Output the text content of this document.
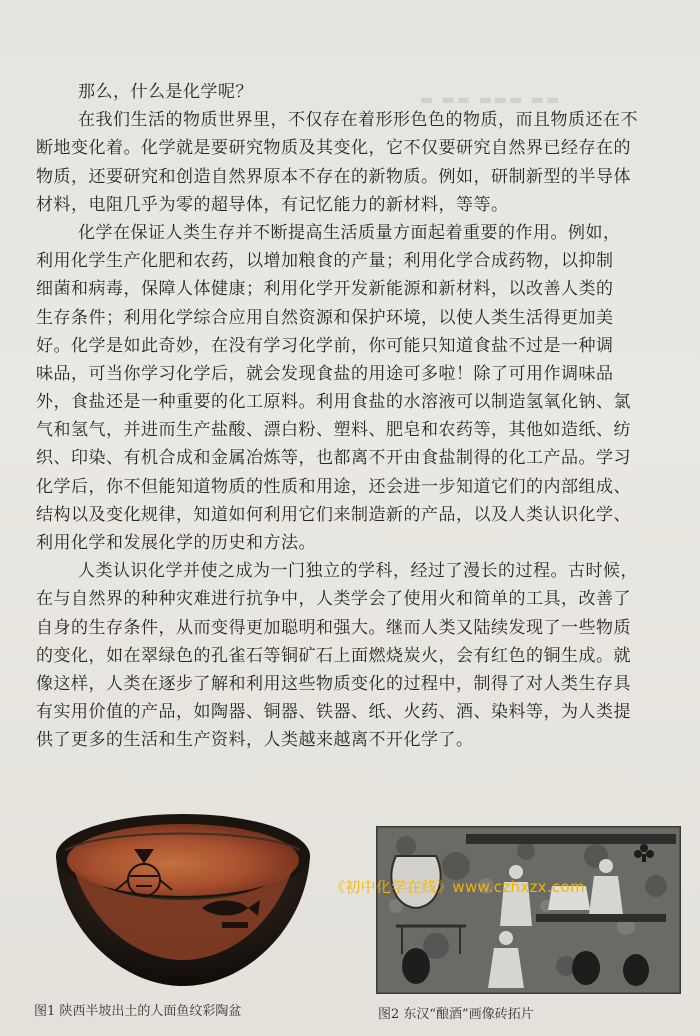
▬ ▬▬ ▬▬▬ ▬▬
那么，什么是化学呢？
在我们生活的物质世界里，不仅存在着形形色色的物质，而且物质还在不
断地变化着。化学就是要研究物质及其变化，它不仅要研究自然界已经存在的
物质，还要研究和创造自然界原本不存在的新物质。例如，研制新型的半导体
材料，电阻几乎为零的超导体，有记忆能力的新材料，等等。
化学在保证人类生存并不断提高生活质量方面起着重要的作用。例如，
利用化学生产化肥和农药，以增加粮食的产量；利用化学合成药物，以抑制
细菌和病毒，保障人体健康；利用化学开发新能源和新材料，以改善人类的
生存条件；利用化学综合应用自然资源和保护环境，以使人类生活得更加美
好。化学是如此奇妙，在没有学习化学前，你可能只知道食盐不过是一种调
味品，可当你学习化学后，就会发现食盐的用途可多啦！除了可用作调味品
外，食盐还是一种重要的化工原料。利用食盐的水溶液可以制造氢氧化钠、氯
气和氢气，并进而生产盐酸、漂白粉、塑料、肥皂和农药等，其他如造纸、纺
织、印染、有机合成和金属冶炼等，也都离不开由食盐制得的化工产品。学习
化学后，你不但能知道物质的性质和用途，还会进一步知道它们的内部组成、
结构以及变化规律，知道如何利用它们来制造新的产品，以及人类认识化学、
利用化学和发展化学的历史和方法。
人类认识化学并使之成为一门独立的学科，经过了漫长的过程。古时候，
在与自然界的种种灾难进行抗争中，人类学会了使用火和简单的工具，改善了
自身的生存条件，从而变得更加聪明和强大。继而人类又陆续发现了一些物质
的变化，如在翠绿色的孔雀石等铜矿石上面燃烧炭火，会有红色的铜生成。就
像这样，人类在逐步了解和利用这些物质变化的过程中，制得了对人类生存具
有实用价值的产品，如陶器、铜器、铁器、纸、火药、酒、染料等，为人类提
供了更多的生活和生产资料，人类越来越离不开化学了。
《初中化学在线》www.czhxzx.com
图1 陕西半坡出土的人面鱼纹彩陶盆	图2 东汉“酿酒”画像砖拓片
